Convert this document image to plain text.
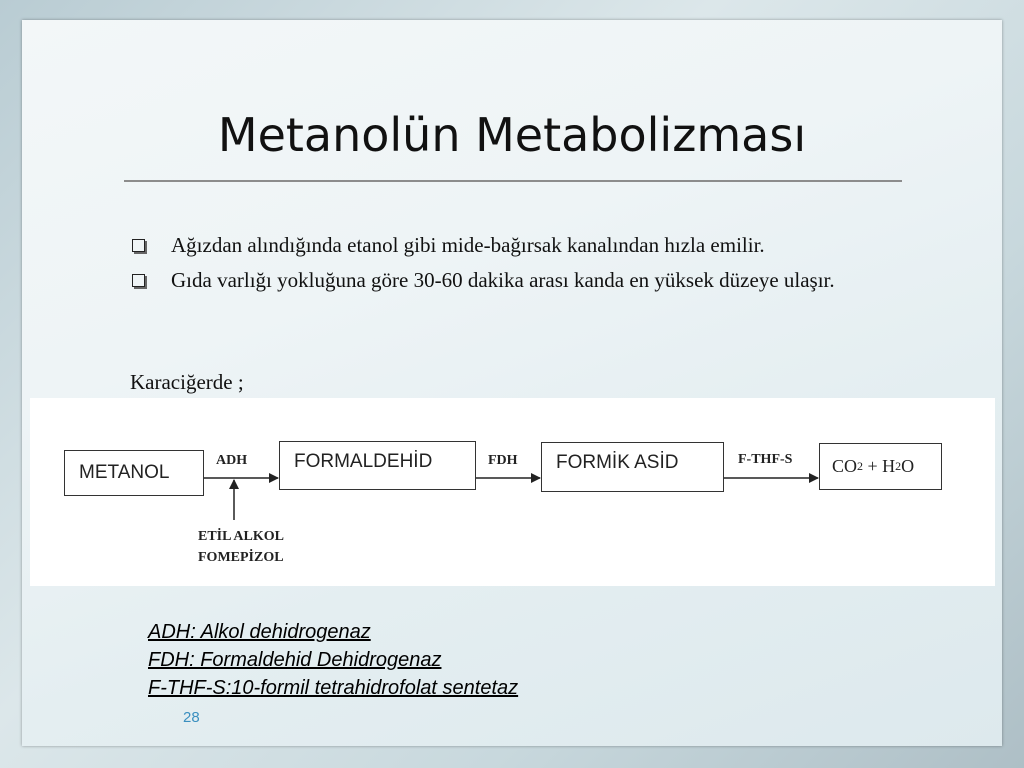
Metanolün Metabolizması
Ağızdan alındığında etanol gibi mide-bağırsak kanalından hızla emilir.
Gıda varlığı yokluğuna göre 30-60 dakika arası kanda en yüksek düzeye ulaşır.
Karaciğerde ;
METANOL
FORMALDEHİD	FORMİK ASİD	CO 2 + H 2 O
ADH	FDH	F-THF-S
ETİL ALKOL
FOMEPİZOL
ADH: Alkol dehidrogenaz
FDH: Formaldehid Dehidrogenaz
F-THF-S:10-formil tetrahidrofolat sentetaz
28
